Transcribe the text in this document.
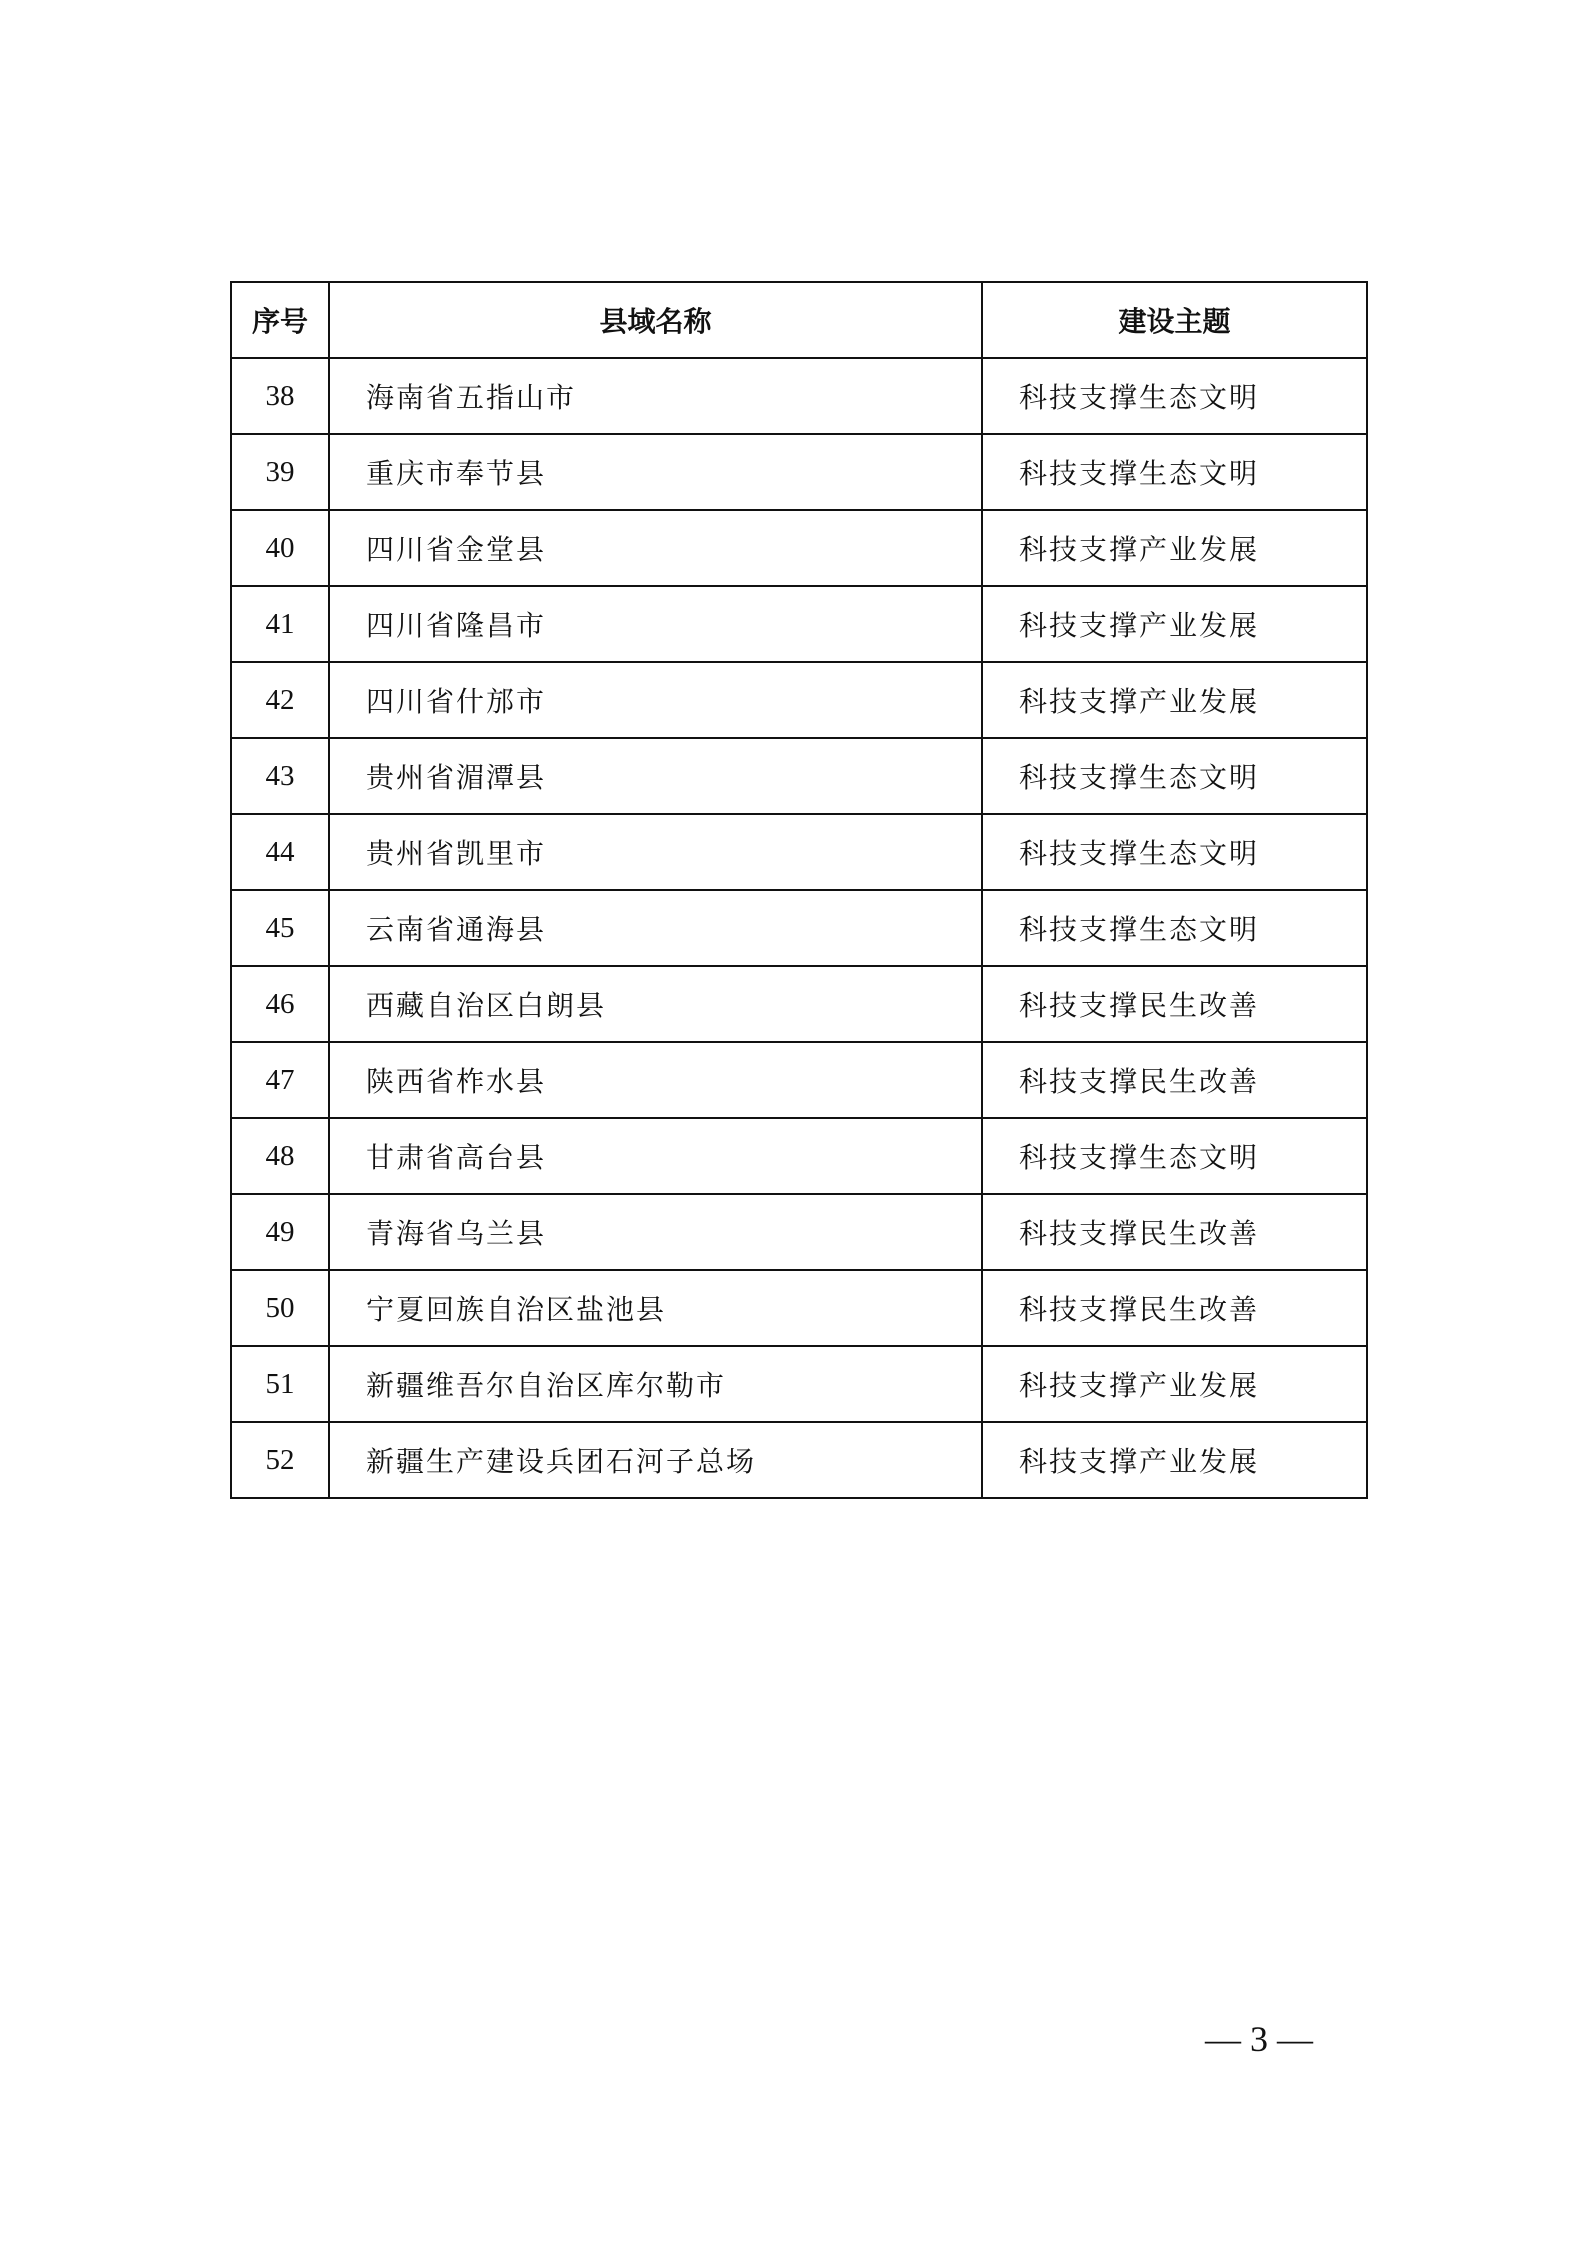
序号	县域名称	建设主题
38	海南省五指山市	科技支撑生态文明
39	重庆市奉节县	科技支撑生态文明
40	四川省金堂县	科技支撑产业发展
41	四川省隆昌市	科技支撑产业发展
42	四川省什邡市	科技支撑产业发展
43	贵州省湄潭县	科技支撑生态文明
44	贵州省凯里市	科技支撑生态文明
45	云南省通海县	科技支撑生态文明
46	西藏自治区白朗县	科技支撑民生改善
47	陕西省柞水县	科技支撑民生改善
48	甘肃省高台县	科技支撑生态文明
49	青海省乌兰县	科技支撑民生改善
50	宁夏回族自治区盐池县	科技支撑民生改善
51	新疆维吾尔自治区库尔勒市	科技支撑产业发展
52	新疆生产建设兵团石河子总场	科技支撑产业发展
— 3 —
